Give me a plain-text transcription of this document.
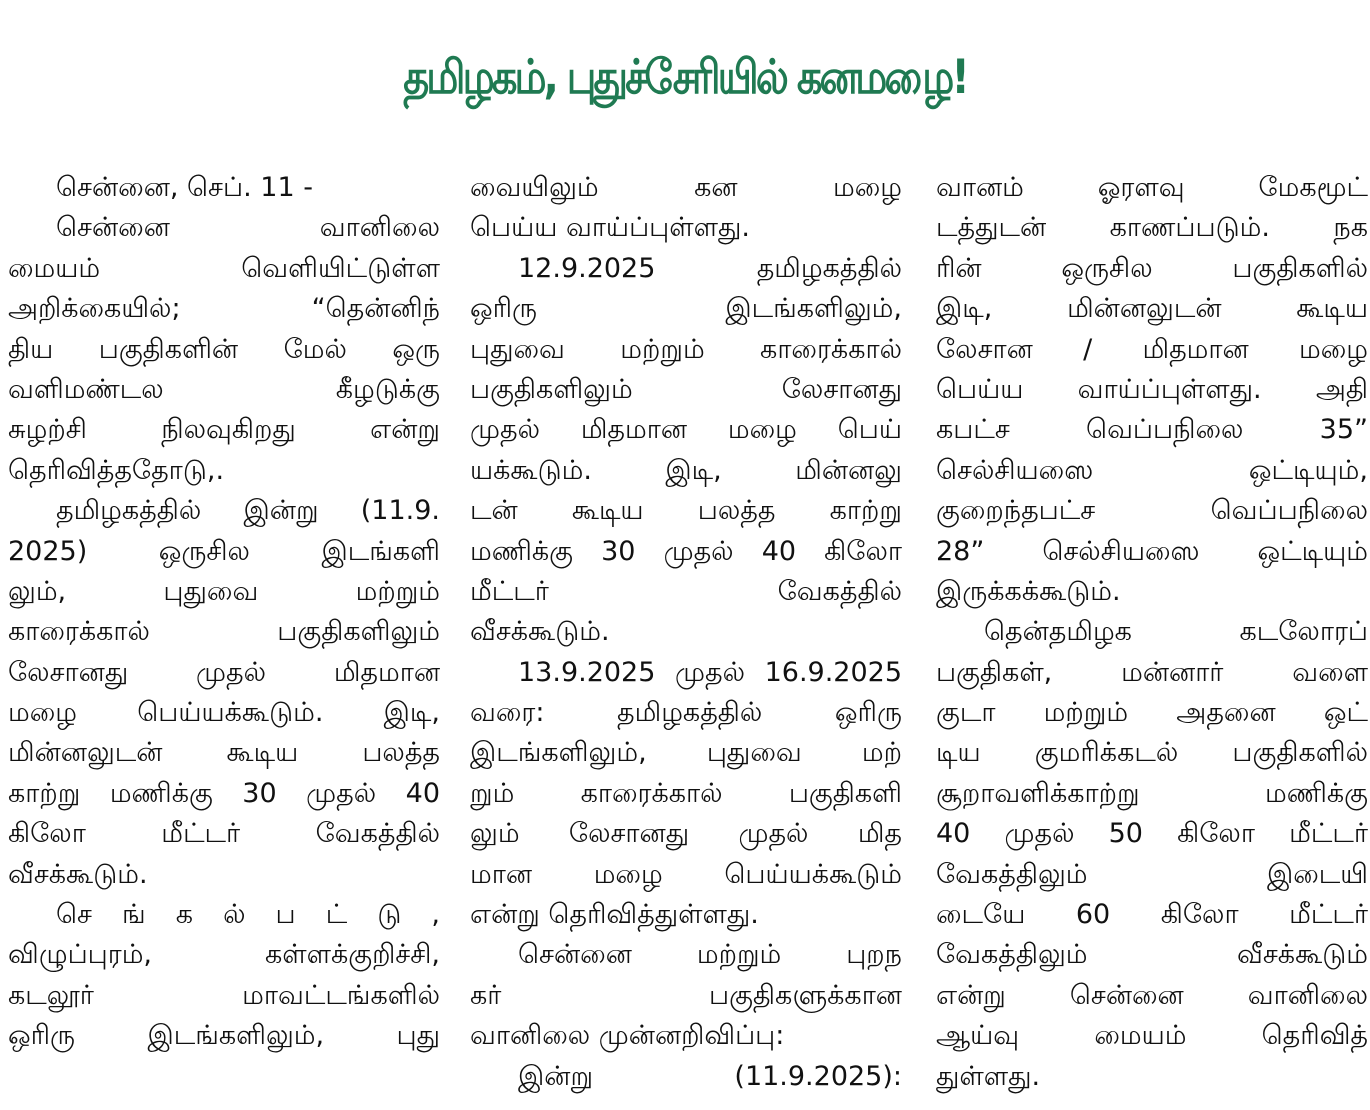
தமிழகம், புதுச்சேரியில் கனமழை!
சென்னை, செப். 11 -
சென்னை வானிலை
மையம் வெளியிட்டுள்ள
அறிக்கையில்; “தென்னிந்
திய பகுதிகளின் மேல் ஒரு
வளிமண்டல கீழடுக்கு
சுழற்சி நிலவுகிறது என்று
தெரிவித்ததோடு,.
தமிழகத்தில் இன்று (11.9.
2025) ஒருசில இடங்களி
லும், புதுவை மற்றும்
காரைக்கால் பகுதிகளிலும்
லேசானது முதல் மிதமான
மழை பெய்யக்கூடும். இடி,
மின்னலுடன் கூடிய பலத்த
காற்று மணிக்கு 30 முதல் 40
கிலோ மீட்டர் வேகத்தில்
வீசக்கூடும்.
செ ங் க ல் ப ட் டு ,
விழுப்புரம், கள்ளக்குறிச்சி,
கடலூர் மாவட்டங்களில்
ஒரிரு இடங்களிலும், புது
வையிலும் கன மழை
பெய்ய வாய்ப்புள்ளது.
12.9.2025 தமிழகத்தில்
ஒரிரு இடங்களிலும்,
புதுவை மற்றும் காரைக்கால்
பகுதிகளிலும் லேசானது
முதல் மிதமான மழை பெய்
யக்கூடும். இடி, மின்னலு
டன் கூடிய பலத்த காற்று
மணிக்கு 30 முதல் 40 கிலோ
மீட்டர் வேகத்தில்
வீசக்கூடும்.
13.9.2025 முதல் 16.9.2025
வரை: தமிழகத்தில் ஒரிரு
இடங்களிலும், புதுவை மற்
றும் காரைக்கால் பகுதிகளி
லும் லேசானது முதல் மித
மான மழை பெய்யக்கூடும்
என்று தெரிவித்துள்ளது.
சென்னை மற்றும் புறந
கர் பகுதிகளுக்கான
வானிலை முன்னறிவிப்பு:
இன்று (11.9.2025):
வானம் ஓரளவு மேகமூட்
டத்துடன் காணப்படும். நக
ரின் ஒருசில பகுதிகளில்
இடி, மின்னலுடன் கூடிய
லேசான / மிதமான மழை
பெய்ய வாய்ப்புள்ளது. அதி
கபட்ச வெப்பநிலை 35”
செல்சியஸை ஒட்டியும்,
குறைந்தபட்ச வெப்பநிலை
28” செல்சியஸை ஒட்டியும்
இருக்கக்கூடும்.
தென்தமிழக கடலோரப்
பகுதிகள், மன்னார் வளை
குடா மற்றும் அதனை ஒட்
டிய குமரிக்கடல் பகுதிகளில்
சூறாவளிக்காற்று மணிக்கு
40 முதல் 50 கிலோ மீட்டர்
வேகத்திலும் இடையி
டையே 60 கிலோ மீட்டர்
வேகத்திலும் வீசக்கூடும்
என்று சென்னை வானிலை
ஆய்வு மையம் தெரிவித்
துள்ளது.
